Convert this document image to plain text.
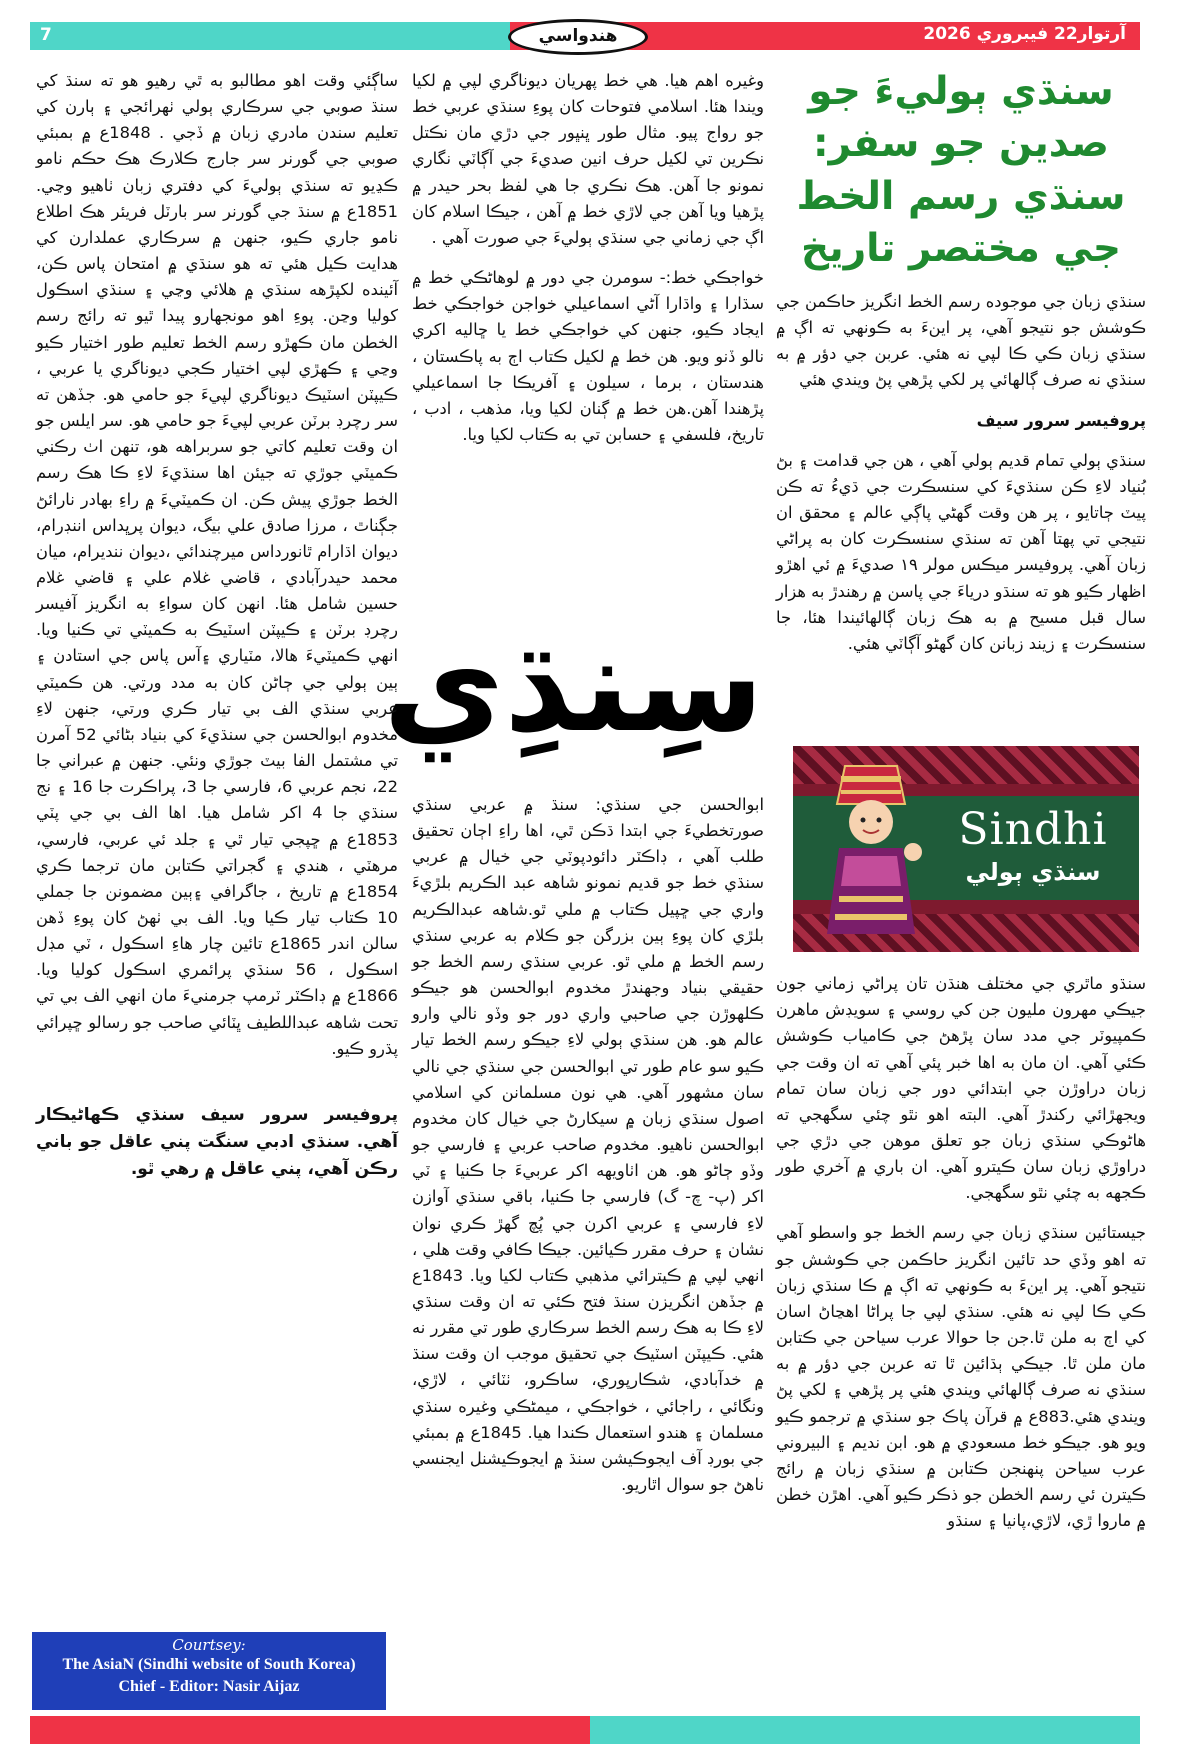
7	آرتوار22 فيبروري 2026
هندواسي
سنڌي ٻوليءَ جو صدين جو سفر: سنڌي رسم الخط جي مختصر تاريخ

سنڌي زبان جي موجوده رسم الخط انگريز حاڪمن جي ڪوشش جو نتيجو آهي، پر اينءَ به ڪونهي ته اڳ ۾ سنڌي زبان ڪي ڪا لپي نه هئي. عربن جي دؤر ۾ به سنڌي نه صرف ڳالهائي پر لکي پڙهي پڻ ويندي هئي

پروفيسر سرور سيف

سنڌي ٻولي تمام قديم ٻولي آهي ، هن جي قدامت ۽ بڻ بُنياد لاءِ ڪن سنڌيءَ کي سنسڪرت جي ڌيءُ ته ڪن پيٽ ڄاتايو ، پر هن وقت گهڻي پاڳي عالم ۽ محقق ان نتيجي تي پهتا آهن ته سنڌي سنسڪرت کان به پراڻي زبان آهي. پروفيسر ميڪس مولر ١٩ صديءَ ۾ ئي اهڙو اظهار ڪيو هو ته سنڌو درياءَ جي پاسن ۾ رهندڙ به هزار سال قبل مسيح ۾ به هڪ زبان ڳالهائيندا هئا، جا سنسڪرت ۽ زيند زبانن کان گهڻو آڳاٽي هئي.

سنڌو ماٿري جي مختلف هنڌن تان پراڻي زماني جون جيڪي مهرون مليون جن کي روسي ۽ سويڊش ماهرن ڪمپيوٽر جي مدد سان پڙهڻ جي ڪامياب ڪوشش ڪئي آهي. ان مان به اها خبر پئي آهي ته ان وقت جي زبان دراوڙن جي ابتدائي دور جي زبان سان تمام ويجهڙائي رکندڙ آهي. البته اهو نٿو چئي سگهجي ته هاڻوڪي سنڌي زبان جو تعلق موهن جي دڙي جي دراوڙي زبان سان ڪيترو آهي. ان باري ۾ آخري طور ڪجهه به چئي نٿو سگهجي.

جيستائين سنڌي زبان جي رسم الخط جو واسطو آهي ته اهو وڏي حد تائين انگريز حاڪمن جي ڪوشش جو نتيجو آهي. پر اينءَ به ڪونهي ته اڳ ۾ ڪا سنڌي زبان ڪي ڪا لپي نه هئي. سنڌي لپي جا پراڻا اهڃاڻ اسان کي اڄ به ملن ٿا.جن جا حوالا عرب سياحن جي ڪتابن مان ملن ٿا. جيڪي ٻڌائين ٿا ته عربن جي دؤر ۾ به سنڌي نه صرف ڳالهائي ويندي هئي پر پڙهي ۽ لکي پڻ ويندي هئي.883ع ۾ قرآن پاڪ جو سنڌي ۾ ترجمو ڪيو ويو هو. جيڪو خط مسعودي ۾ هو. ابن نديم ۽ البيروني عرب سياحن پنهنجن ڪتابن ۾ سنڌي زبان ۾ رائج ڪيترن ئي رسم الخطن جو ذڪر ڪيو آهي. اهڙن خطن ۾ ماروا ڙي، لاڙي،پانيا ۽ سنڌو

Sindhi
سنڌي ٻولي

وغيره اهم هيا. هي خط پهريان ديوناگري لپي ۾ لکيا ويندا هئا. اسلامي فتوحات کان پوءِ سنڌي عربي خط جو رواج پيو. مثال طور ڀنڀور جي دڙي مان نڪتل نڪرين تي لکيل حرف انين صديءَ جي آڳاٽي نگاري نمونو جا آهن. هڪ نڪري جا هي لفظ بحر حيدر ۾ پڙهيا ويا آهن جي لاڙي خط ۾ آهن ، جيڪا اسلام کان اڳ جي زماني جي سنڌي ٻوليءَ جي صورت آهي .

خواجڪي خط:- سومرن جي دور ۾ لوهاڻڪي خط ۾ سڌارا ۽ واڌارا آڻي اسماعيلي خواجن خواجڪي خط ايجاد ڪيو، جنهن کي خواجڪي خط يا ڇاليه اکري نالو ڏنو ويو. هن خط ۾ لکيل ڪتاب اڄ به پاڪستان ، هندستان ، برما ، سيلون ۽ آفريڪا جا اسماعيلي پڙهندا آهن.هن خط ۾ ڳنان لکيا ويا، مذهب ، ادب ، تاريخ، فلسفي ۽ حسابن تي به ڪتاب لکيا ويا.

سِنڌِي

ابوالحسن جي سنڌي: سنڌ ۾ عربي سنڌي صورتخطيءَ جي ابتدا ڌڪن ٿي، اها راءِ اڄان تحقيق طلب آهي ، ڊاڪٽر دائودپوٽي جي خيال ۾ عربي سنڌي خط جو قديم نمونو شاهه عبد الڪريم بلڙيءَ واري جي ڇپيل ڪتاب ۾ ملي ٿو.شاهه عبدالڪريم بلڙي کان پوءِ ٻين بزرگن جو ڪلام به عربي سنڌي رسم الخط ۾ ملي ٿو. عربي سنڌي رسم الخط جو حقيقي بنياد وجهندڙ مخدوم ابوالحسن هو جيڪو ڪلهوڙن جي صاحبي واري دور جو وڏو نالي وارو عالم هو. هن سنڌي ٻولي لاءِ جيڪو رسم الخط تيار ڪيو سو عام طور تي ابوالحسن جي سنڌي جي نالي سان مشهور آهي. هي نون مسلمانن کي اسلامي اصول سنڌي زبان ۾ سيکارڻ جي خيال کان مخدوم ابوالحسن ناهيو. مخدوم صاحب عربي ۽ فارسي جو وڏو ڄاڻو هو. هن اٺاويهه اکر عربيءَ جا ڪنيا ۽ ٽي اکر (پ- چ- گ) فارسي جا ڪنيا، باقي سنڌي آوازن لاءِ فارسي ۽ عربي اکرن جي پُچ گهڙ ڪري نوان نشان ۽ حرف مقرر ڪيائين. جيڪا ڪافي وقت هلي ، انهي لپي ۾ ڪيترائي مذهبي ڪتاب لکيا ويا. 1843ع ۾ جڏهن انگريزن سنڌ فتح ڪئي ته ان وقت سنڌي لاءِ ڪا به هڪ رسم الخط سرڪاري طور تي مقرر نه هئي. ڪيپٽن اسٽيڪ جي تحقيق موجب ان وقت سنڌ ۾ خدآبادي، شڪارپوري، ساڪرو، ٺٽائي ، لاڙي، ونگائي ، راجائي ، خواجڪي ، ميمڻڪي وغيره سنڌي مسلمان ۽ هندو استعمال ڪندا هيا. 1845ع ۾ بمبئي جي بورڊ آف ايجوڪيشن سنڌ ۾ ايجوڪيشنل ايجنسي ناهڻ جو سوال اٿاريو.

ساڳئي وقت اهو مطالبو به ٿي رهيو هو ته سنڌ کي سنڌ صوبي جي سرڪاري ٻولي ٺهرائجي ۽ ٻارن کي تعليم سندن مادري زبان ۾ ڏجي . 1848ع ۾ بمبئي صوبي جي گورنر سر جارج ڪلارڪ هڪ حڪم نامو ڪڍيو ته سنڌي ٻوليءَ کي دفتري زبان ٺاهيو وڃي. 1851ع ۾ سنڌ جي گورنر سر بارٽل فريئر هڪ اطلاع نامو جاري ڪيو، جنهن ۾ سرڪاري عملدارن کي هدايت ڪيل هئي ته هو سنڌي ۾ امتحان پاس ڪن، آئينده لکپڙهه سنڌي ۾ هلائي وڃي ۽ سنڌي اسڪول کوليا وڃن. پوءِ اهو مونجهارو پيدا ٿيو ته رائج رسم الخطن مان ڪهڙو رسم الخط تعليم طور اختيار ڪيو وڃي ۽ ڪهڙي لپي اختيار ڪجي ديوناگري يا عربي ، ڪيپٽن اسٽيڪ ديوناگري لپيءَ جو حامي هو. جڏهن ته سر رچرڊ برٽن عربي لپيءَ جو حامي هو. سر ايلس جو ان وقت تعليم کاتي جو سربراهه هو، تنهن اٺ رڪني ڪميٽي جوڙي ته جيئن اها سنڌيءَ لاءِ ڪا هڪ رسم الخط جوڙي پيش ڪن. ان ڪميٽيءَ ۾ راءِ بهادر نارائڻ جڳناٿ ، مرزا صادق علي بيگ، ديوان پرڀداس اننڊرام، ديوان اڌارام ٿانورداس ميرچندائي ،ديوان ننديرام، ميان محمد حيدرآبادي ، قاضي غلام علي ۽ قاضي غلام حسين شامل هئا. انهن کان سواءِ به انگريز آفيسر رچرڊ برٽن ۽ ڪيپٽن اسٽيڪ به ڪميٽي تي ڪنيا ويا. انهي ڪميٽيءَ هالا، مٽياري ۽آس پاس جي استادن ۽ ٻين ٻولي جي ڄاڻن کان به مدد ورتي. هن ڪميٽي عربي سنڌي الف بي تيار ڪري ورتي، جنهن لاءِ مخدوم ابوالحسن جي سنڌيءَ کي بنياد بڻائي 52 آمرن تي مشتمل الفا بيٽ جوڙي ونئي. جنهن ۾ عبراني جا 22، نجم عربي 6، فارسي جا 3، پراڪرت جا 16 ۽ نج سنڌي جا 4 اکر شامل هيا. اها الف بي جي پٽي 1853ع ۾ ڇپجي تيار ٿي ۽ جلد ئي عربي، فارسي، مرهٽي ، هندي ۽ گجراتي ڪتابن مان ترجما ڪري 1854ع ۾ تاريخ ، جاگرافي ۽ٻين مضمونن جا جملي 10 ڪتاب تيار ڪيا ويا. الف بي ٺهڻ کان پوءِ ڏهن سالن اندر 1865ع تائين چار هاءِ اسڪول ، ٽي مڊل اسڪول ، 56 سنڌي پرائمري اسڪول کوليا ويا. 1866ع ۾ ڊاڪٽر ٽرمپ جرمنيءَ مان انهي الف بي تي تحت شاهه عبداللطيف ڀٽائي صاحب جو رسالو ڇپرائي پڌرو ڪيو.

پروفيسر سرور سيف سنڌي ڪهاڻيڪار آهي. سنڌي ادبي سنگت پني عاقل جو باني رڪن آهي، پني عاقل ۾ رهي ٿو.

Courtsey:
The AsiaN (Sindhi website of South Korea)
Chief - Editor: Nasir Aijaz
